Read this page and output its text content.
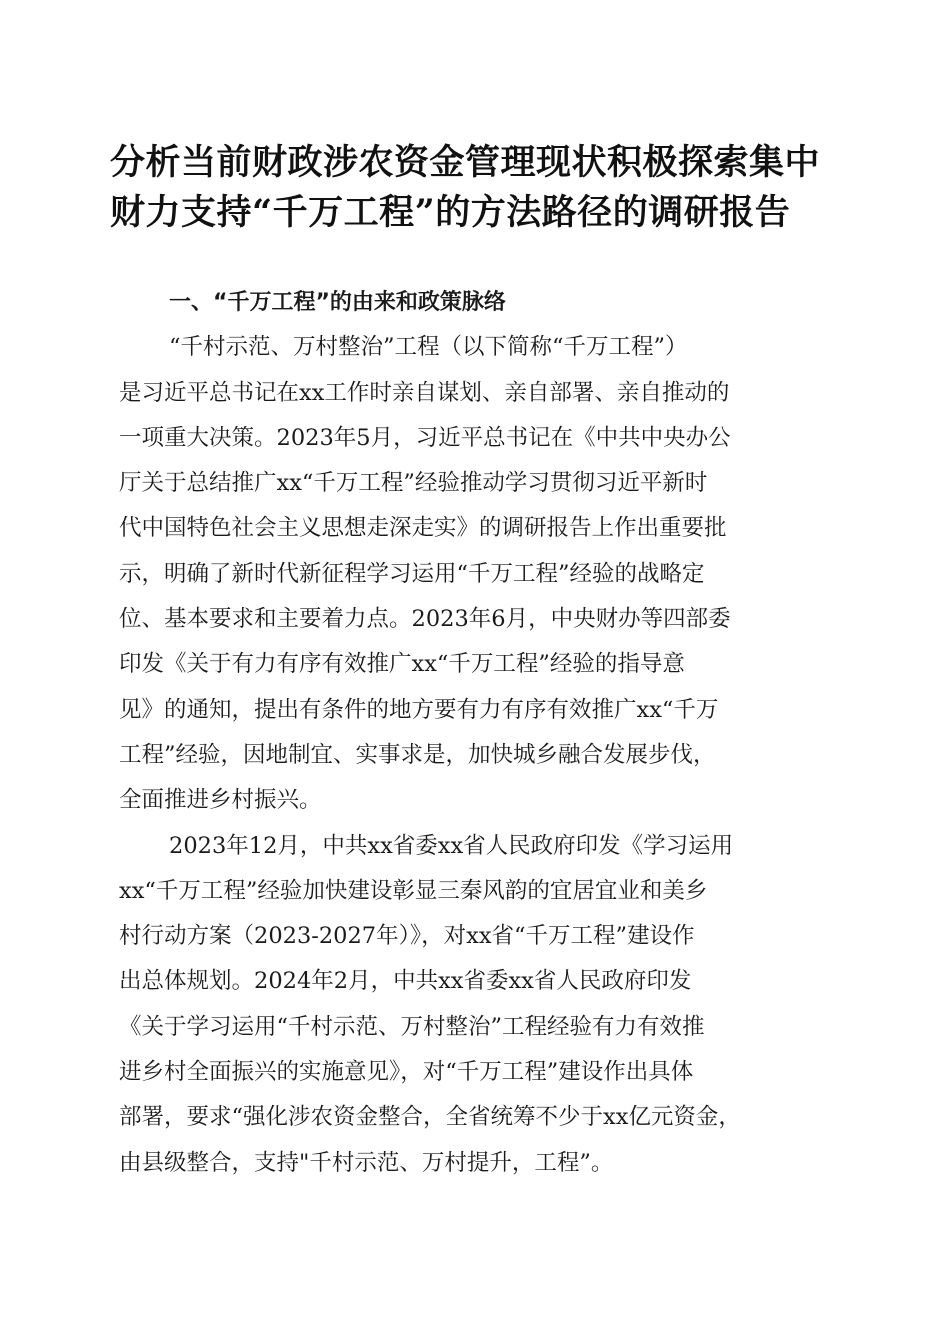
分析当前财政涉农资金管理现状积极探索集中
财力支持“千万工程”的方法路径的调研报告
一、“千万工程”的由来和政策脉络
“千村示范、万村整治”工程（以下简称“千万工程”）
是习近平总书记在xx工作时亲自谋划、亲自部署、亲自推动的
一项重大决策。2023年5月，习近平总书记在《中共中央办公
厅关于总结推广xx“千万工程”经验推动学习贯彻习近平新时
代中国特色社会主义思想走深走实》的调研报告上作出重要批
示，明确了新时代新征程学习运用“千万工程”经验的战略定
位、基本要求和主要着力点。2023年6月，中央财办等四部委
印发《关于有力有序有效推广xx“千万工程”经验的指导意
见》的通知，提出有条件的地方要有力有序有效推广xx“千万
工程”经验，因地制宜、实事求是，加快城乡融合发展步伐，
全面推进乡村振兴。
2023年12月，中共xx省委xx省人民政府印发《学习运用
xx“千万工程”经验加快建设彰显三秦风韵的宜居宜业和美乡
村行动方案（2023-2027年）》，对xx省“千万工程”建设作
出总体规划。2024年2月，中共xx省委xx省人民政府印发
《关于学习运用“千村示范、万村整治”工程经验有力有效推
进乡村全面振兴的实施意见》，对“千万工程”建设作出具体
部署，要求“强化涉农资金整合，全省统筹不少于xx亿元资金，
由县级整合，支持"千村示范、万村提升，工程”。
